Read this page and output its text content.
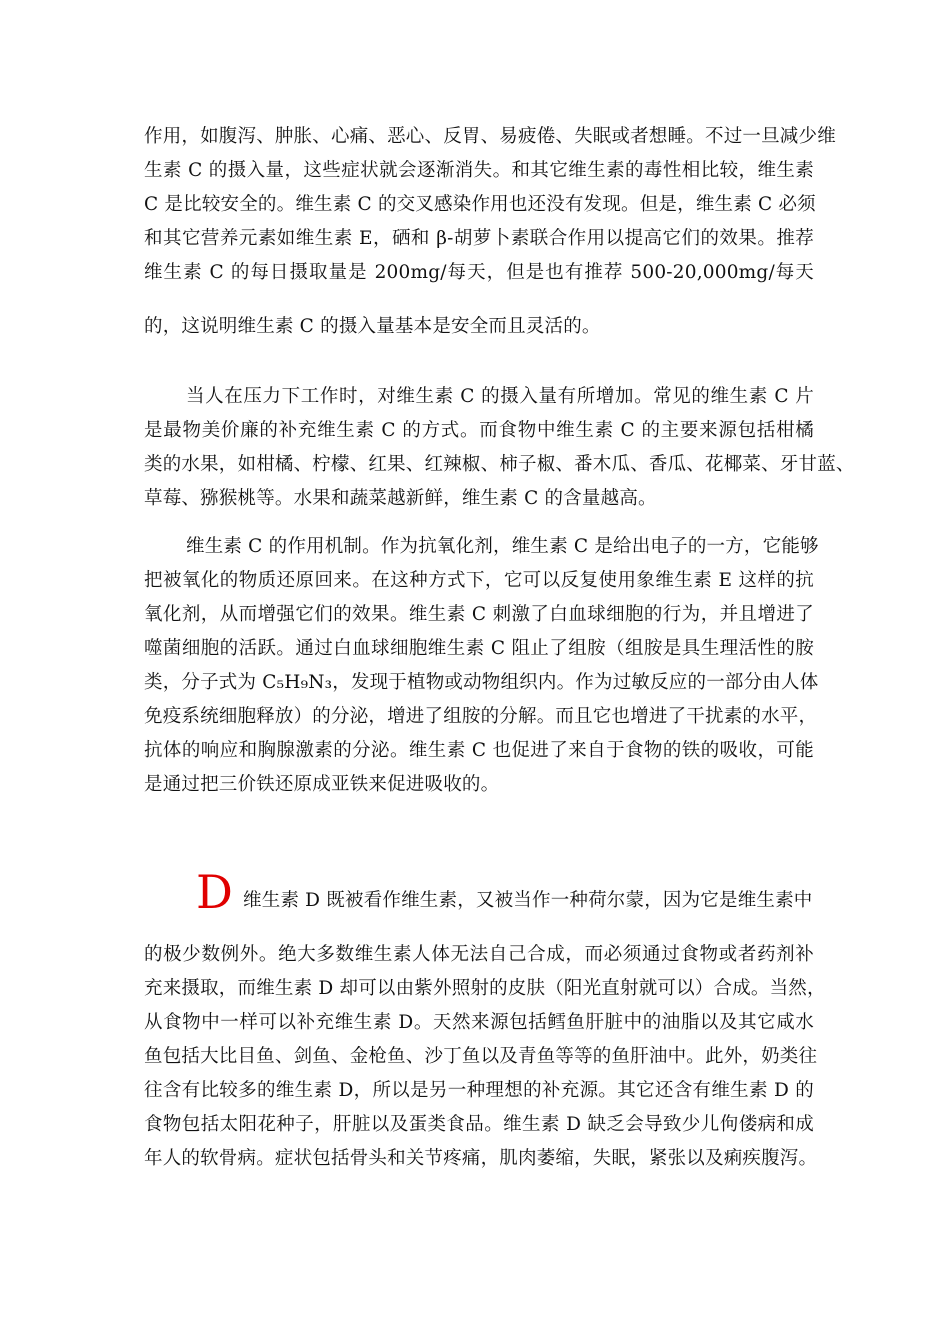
作用，如腹泻、肿胀、心痛、恶心、反胃、易疲倦、失眠或者想睡。不过一旦减少维
生素 C 的摄入量，这些症状就会逐渐消失。和其它维生素的毒性相比较，维生素
C 是比较安全的。维生素 C 的交叉感染作用也还没有发现。但是，维生素 C 必须
和其它营养元素如维生素 E，硒和 β-胡萝卜素联合作用以提高它们的效果。推荐
维生素 C 的每日摄取量是 200mg/每天，但是也有推荐 500-20,000mg/每天
的，这说明维生素 C 的摄入量基本是安全而且灵活的。
当人在压力下工作时，对维生素 C 的摄入量有所增加。常见的维生素 C 片
是最物美价廉的补充维生素 C 的方式。而食物中维生素 C 的主要来源包括柑橘
类的水果，如柑橘、柠檬、红果、红辣椒、柿子椒、番木瓜、香瓜、花椰菜、牙甘蓝、
草莓、猕猴桃等。水果和蔬菜越新鲜，维生素 C 的含量越高。
维生素 C 的作用机制。作为抗氧化剂，维生素 C 是给出电子的一方，它能够
把被氧化的物质还原回来。在这种方式下，它可以反复使用象维生素 E 这样的抗
氧化剂，从而增强它们的效果。维生素 C 刺激了白血球细胞的行为，并且增进了
噬菌细胞的活跃。通过白血球细胞维生素 C 阻止了组胺（组胺是具生理活性的胺
类，分子式为 C₅H₉N₃，发现于植物或动物组织内。作为过敏反应的一部分由人体
免疫系统细胞释放）的分泌，增进了组胺的分解。而且它也增进了干扰素的水平，
抗体的响应和胸腺激素的分泌。维生素 C 也促进了来自于食物的铁的吸收，可能
是通过把三价铁还原成亚铁来促进吸收的。
D 维生素 D 既被看作维生素，又被当作一种荷尔蒙，因为它是维生素中
的极少数例外。绝大多数维生素人体无法自己合成，而必须通过食物或者药剂补
充来摄取，而维生素 D 却可以由紫外照射的皮肤（阳光直射就可以）合成。当然，
从食物中一样可以补充维生素 D。天然来源包括鳕鱼肝脏中的油脂以及其它咸水
鱼包括大比目鱼、剑鱼、金枪鱼、沙丁鱼以及青鱼等等的鱼肝油中。此外，奶类往
往含有比较多的维生素 D，所以是另一种理想的补充源。其它还含有维生素 D 的
食物包括太阳花种子，肝脏以及蛋类食品。维生素 D 缺乏会导致少儿佝偻病和成
年人的软骨病。症状包括骨头和关节疼痛，肌肉萎缩，失眠，紧张以及痢疾腹泻。
